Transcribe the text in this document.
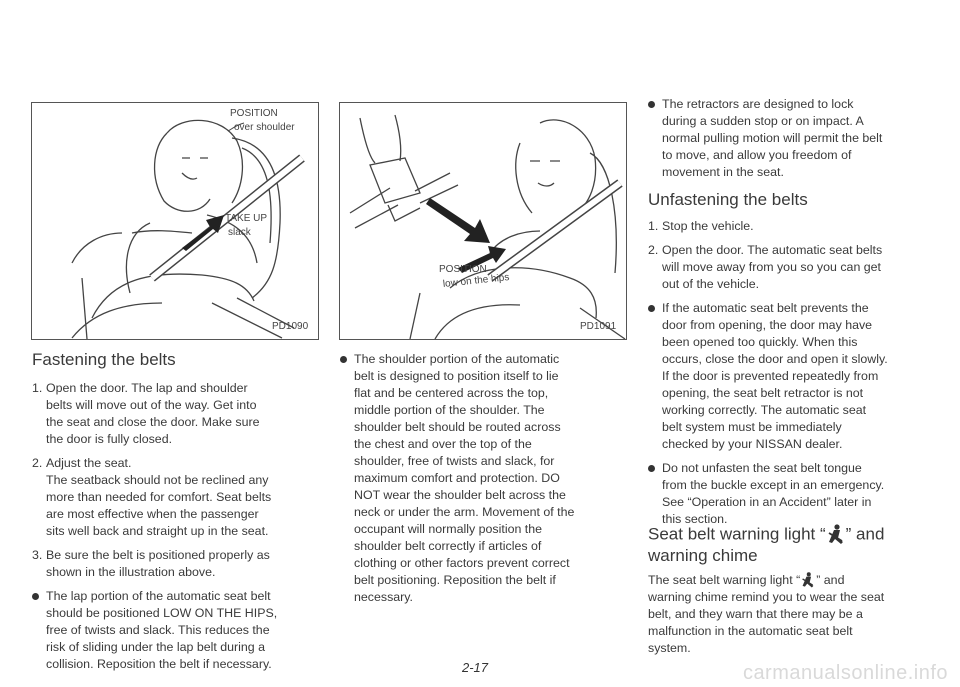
POSITION
over shoulder
TAKE UP
slack
PD1090
POSITION
low on the hips
PD1091
Fastening the belts
1. Open the door. The lap and shoulder
belts will move out of the way. Get into
the seat and close the door. Make sure
the door is fully closed.
2. Adjust the seat.
The seatback should not be reclined any
more than needed for comfort. Seat belts
are most effective when the passenger
sits well back and straight up in the seat.
3. Be sure the belt is positioned properly as
shown in the illustration above.
The lap portion of the automatic seat belt
should be positioned LOW ON THE HIPS,
free of twists and slack. This reduces the
risk of sliding under the lap belt during a
collision. Reposition the belt if necessary.
The shoulder portion of the automatic
belt is designed to position itself to lie
flat and be centered across the top,
middle portion of the shoulder. The
shoulder belt should be routed across
the chest and over the top of the
shoulder, free of twists and slack, for
maximum comfort and protection. DO
NOT wear the shoulder belt across the
neck or under the arm. Movement of the
occupant will normally position the
shoulder belt correctly if articles of
clothing or other factors prevent correct
belt positioning. Reposition the belt if
necessary.
The retractors are designed to lock
during a sudden stop or on impact. A
normal pulling motion will permit the belt
to move, and allow you freedom of
movement in the seat.
Unfastening the belts
1. Stop the vehicle.
2. Open the door. The automatic seat belts
will move away from you so you can get
out of the vehicle.
If the automatic seat belt prevents the
door from opening, the door may have
been opened too quickly. When this
occurs, close the door and open it slowly.
If the door is prevented repeatedly from
opening, the seat belt retractor is not
working correctly. The automatic seat
belt system must be immediately
checked by your NISSAN dealer.
Do not unfasten the seat belt tongue
from the buckle except in an emergency.
See “Operation in an Accident” later in
this section.
Seat belt warning light “ ” and
warning chime
The seat belt warning light “ ” and
warning chime remind you to wear the seat
belt, and they warn that there may be a
malfunction in the automatic seat belt
system.
2-17	carmanualsonline.info
